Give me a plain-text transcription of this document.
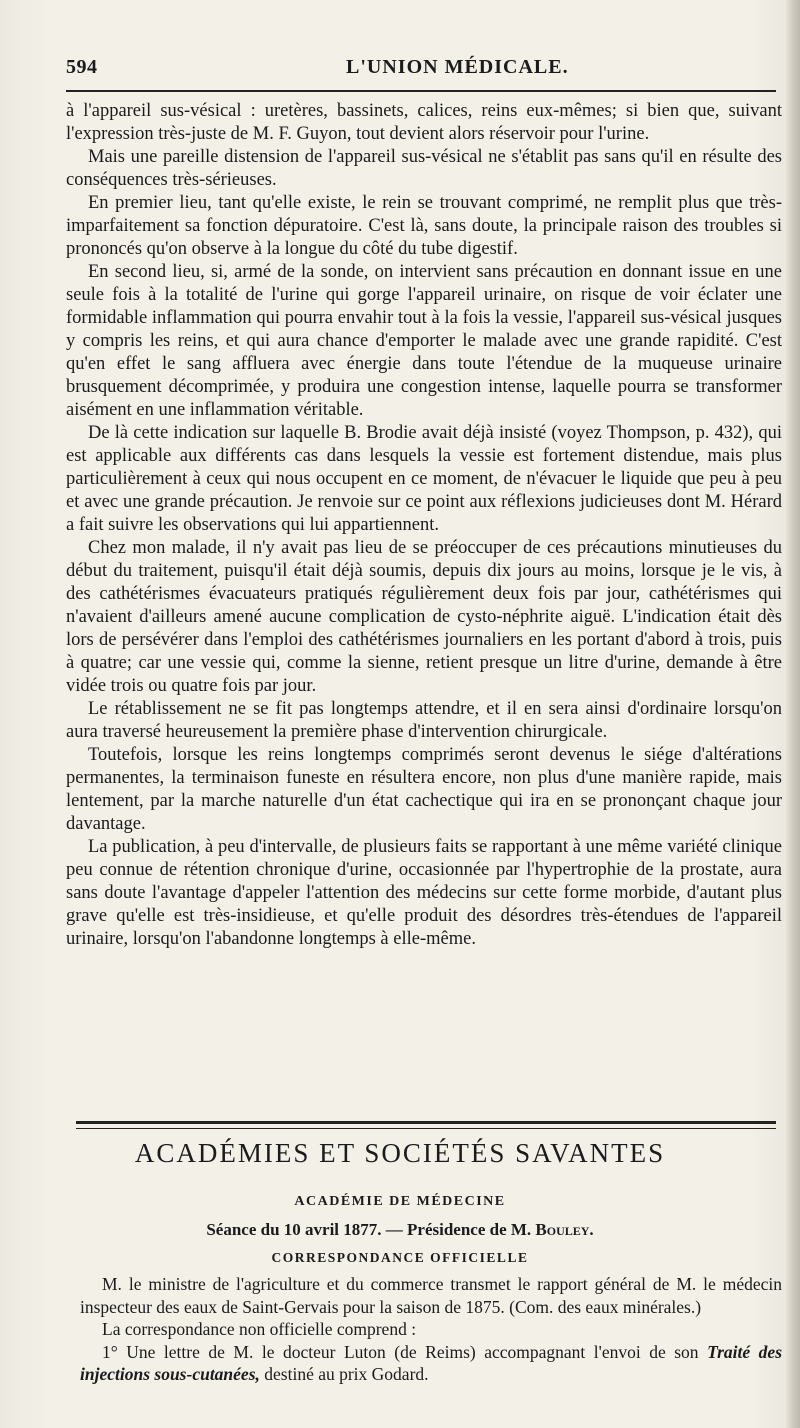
594	L'UNION MÉDICALE.

à l'appareil sus-vésical : uretères, bassinets, calices, reins eux-mêmes; si bien que, suivant l'expression très-juste de M. F. Guyon, tout devient alors réservoir pour l'urine.

Mais une pareille distension de l'appareil sus-vésical ne s'établit pas sans qu'il en résulte des conséquences très-sérieuses.

En premier lieu, tant qu'elle existe, le rein se trouvant comprimé, ne remplit plus que très-imparfaitement sa fonction dépuratoire. C'est là, sans doute, la principale raison des troubles si prononcés qu'on observe à la longue du côté du tube digestif.

En second lieu, si, armé de la sonde, on intervient sans précaution en donnant issue en une seule fois à la totalité de l'urine qui gorge l'appareil urinaire, on risque de voir éclater une formidable inflammation qui pourra envahir tout à la fois la vessie, l'appareil sus-vésical jusques y compris les reins, et qui aura chance d'emporter le malade avec une grande rapidité. C'est qu'en effet le sang affluera avec énergie dans toute l'étendue de la muqueuse urinaire brusquement décomprimée, y produira une congestion intense, laquelle pourra se transformer aisément en une inflammation véritable.

De là cette indication sur laquelle B. Brodie avait déjà insisté (voyez Thompson, p. 432), qui est applicable aux différents cas dans lesquels la vessie est fortement distendue, mais plus particulièrement à ceux qui nous occupent en ce moment, de n'évacuer le liquide que peu à peu et avec une grande précaution. Je renvoie sur ce point aux réflexions judicieuses dont M. Hérard a fait suivre les observations qui lui appartiennent.

Chez mon malade, il n'y avait pas lieu de se préoccuper de ces précautions minutieuses du début du traitement, puisqu'il était déjà soumis, depuis dix jours au moins, lorsque je le vis, à des cathétérismes évacuateurs pratiqués régulièrement deux fois par jour, cathétérismes qui n'avaient d'ailleurs amené aucune complication de cysto-néphrite aiguë. L'indication était dès lors de persévérer dans l'emploi des cathétérismes journaliers en les portant d'abord à trois, puis à quatre; car une vessie qui, comme la sienne, retient presque un litre d'urine, demande à être vidée trois ou quatre fois par jour.

Le rétablissement ne se fit pas longtemps attendre, et il en sera ainsi d'ordinaire lorsqu'on aura traversé heureusement la première phase d'intervention chirurgicale.

Toutefois, lorsque les reins longtemps comprimés seront devenus le siége d'altérations permanentes, la terminaison funeste en résultera encore, non plus d'une manière rapide, mais lentement, par la marche naturelle d'un état cachectique qui ira en se prononçant chaque jour davantage.

La publication, à peu d'intervalle, de plusieurs faits se rapportant à une même variété clinique peu connue de rétention chronique d'urine, occasionnée par l'hypertrophie de la prostate, aura sans doute l'avantage d'appeler l'attention des médecins sur cette forme morbide, d'autant plus grave qu'elle est très-insidieuse, et qu'elle produit des désordres très-étendues de l'appareil urinaire, lorsqu'on l'abandonne longtemps à elle-même.

ACADÉMIES ET SOCIÉTÉS SAVANTES
ACADÉMIE DE MÉDECINE
Séance du 10 avril 1877. — Présidence de M. Bouley.
CORRESPONDANCE OFFICIELLE

M. le ministre de l'agriculture et du commerce transmet le rapport général de M. le médecin inspecteur des eaux de Saint-Gervais pour la saison de 1875. (Com. des eaux minérales.)

La correspondance non officielle comprend :

1° Une lettre de M. le docteur Luton (de Reims) accompagnant l'envoi de son Traité des injections sous-cutanées, destiné au prix Godard.
